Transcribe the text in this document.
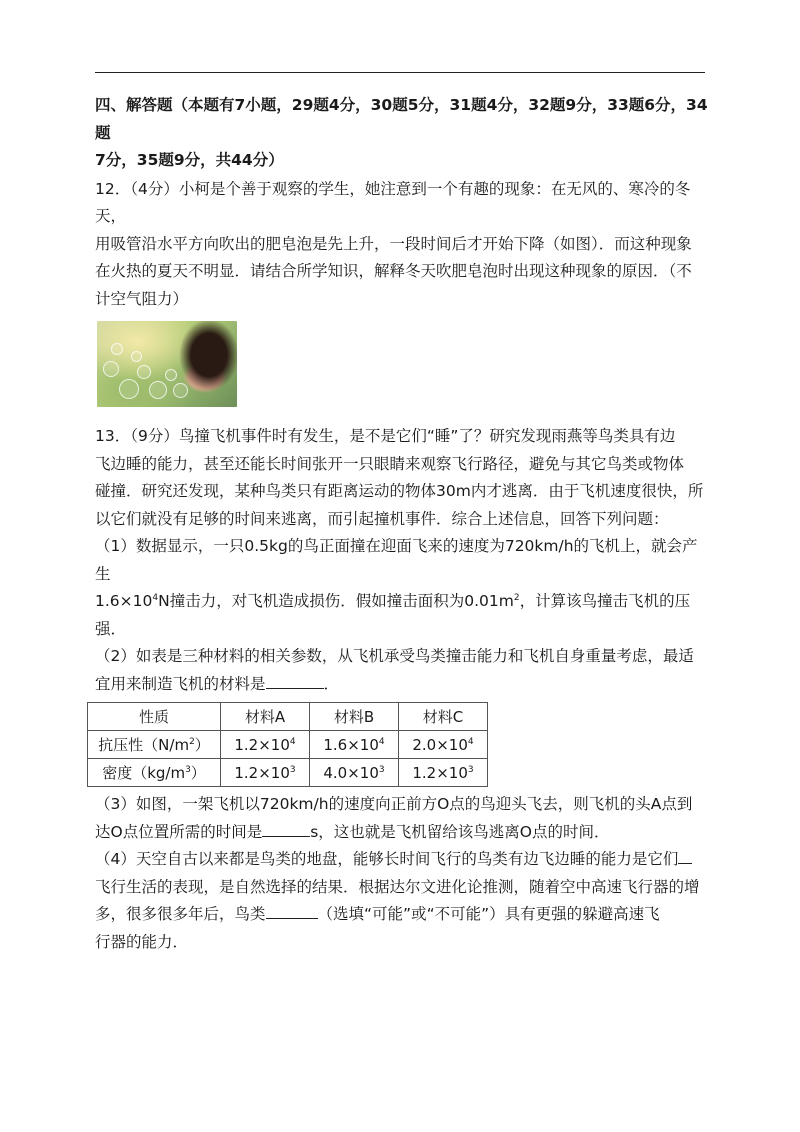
四、解答题（本题有7小题，29题4分，30题5分，31题4分，32题9分，33题6分，34题

7分，35题9分，共44分）

12．（4分）小柯是个善于观察的学生，她注意到一个有趣的现象：在无风的、寒冷的冬天，

用吸管沿水平方向吹出的肥皂泡是先上升，一段时间后才开始下降（如图）．而这种现象

在火热的夏天不明显．请结合所学知识，解释冬天吹肥皂泡时出现这种现象的原因．（不

计空气阻力）

13．（9分）鸟撞飞机事件时有发生，是不是它们“睡”了？研究发现雨燕等鸟类具有边

飞边睡的能力，甚至还能长时间张开一只眼睛来观察飞行路径，避免与其它鸟类或物体

碰撞．研究还发现，某种鸟类只有距离运动的物体30m内才逃离．由于飞机速度很快，所

以它们就没有足够的时间来逃离，而引起撞机事件．综合上述信息，回答下列问题：

（1）数据显示，一只0.5kg的鸟正面撞在迎面飞来的速度为720km/h的飞机上，就会产生

$1.6\times 10^4N$撞击力，对飞机造成损伤．假如撞击面积为$0.01m^2$，计算该鸟撞击飞机的压强．

（2）如表是三种材料的相关参数，从飞机承受鸟类撞击能力和飞机自身重量考虑，最适

宜用来制造飞机的材料是	．

性质	材料A	材料B	材料C
抗压性$(N/m^2)$	$1.2\times 10^4$	$1.6\times 10^4$	$2.0\times 10^4$
密度$(kg/m^3)$	$1.2\times 10^3$	$4.0\times 10^3$	$1.2\times 10^3$

（3）如图，一架飞机以720km/h的速度向正前方O点的鸟迎头飞去，则飞机的头A点到

达O点位置所需的时间是	s，这也就是飞机留给该鸟逃离O点的时间．

（4）天空自古以来都是鸟类的地盘，能够长时间飞行的鸟类有边飞边睡的能力是它们

飞行生活的表现，是自然选择的结果．根据达尔文进化论推测，随着空中高速飞行器的增

多，很多很多年后，鸟类	（选填“可能”或“不可能”）具有更强的躲避高速飞

行器的能力．
